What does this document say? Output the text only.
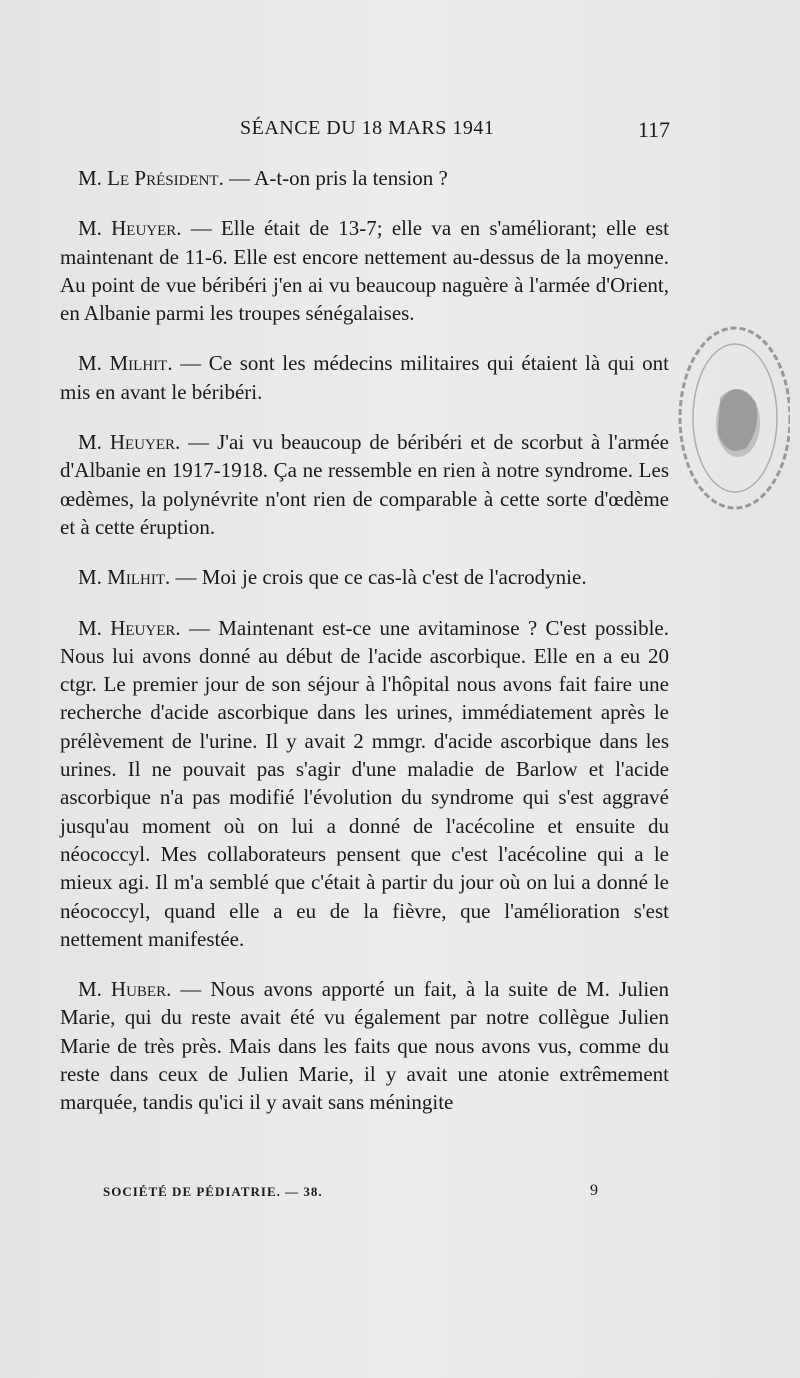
SÉANCE DU 18 MARS 1941	117

M. Le Président. — A-t-on pris la tension ?

M. Heuyer. — Elle était de 13-7; elle va en s'améliorant; elle est maintenant de 11-6. Elle est encore nettement au-dessus de la moyenne. Au point de vue béribéri j'en ai vu beaucoup naguère à l'armée d'Orient, en Albanie parmi les troupes sénégalaises.

M. Milhit. — Ce sont les médecins militaires qui étaient là qui ont mis en avant le béribéri.

M. Heuyer. — J'ai vu beaucoup de béribéri et de scorbut à l'armée d'Albanie en 1917-1918. Ça ne ressemble en rien à notre syndrome. Les œdèmes, la polynévrite n'ont rien de comparable à cette sorte d'œdème et à cette éruption.

M. Milhit. — Moi je crois que ce cas-là c'est de l'acrodynie.

M. Heuyer. — Maintenant est-ce une avitaminose ? C'est possible. Nous lui avons donné au début de l'acide ascorbique. Elle en a eu 20 ctgr. Le premier jour de son séjour à l'hôpital nous avons fait faire une recherche d'acide ascorbique dans les urines, immédiatement après le prélèvement de l'urine. Il y avait 2 mmgr. d'acide ascorbique dans les urines. Il ne pouvait pas s'agir d'une maladie de Barlow et l'acide ascorbique n'a pas modifié l'évolution du syndrome qui s'est aggravé jusqu'au moment où on lui a donné de l'acécoline et ensuite du néococcyl. Mes collaborateurs pensent que c'est l'acécoline qui a le mieux agi. Il m'a semblé que c'était à partir du jour où on lui a donné le néococcyl, quand elle a eu de la fièvre, que l'amélioration s'est nettement manifestée.

M. Huber. — Nous avons apporté un fait, à la suite de M. Julien Marie, qui du reste avait été vu également par notre collègue Julien Marie de très près. Mais dans les faits que nous avons vus, comme du reste dans ceux de Julien Marie, il y avait une atonie extrêmement marquée, tandis qu'ici il y avait sans méningite

SOCIÉTÉ DE PÉDIATRIE. — 38.	9
